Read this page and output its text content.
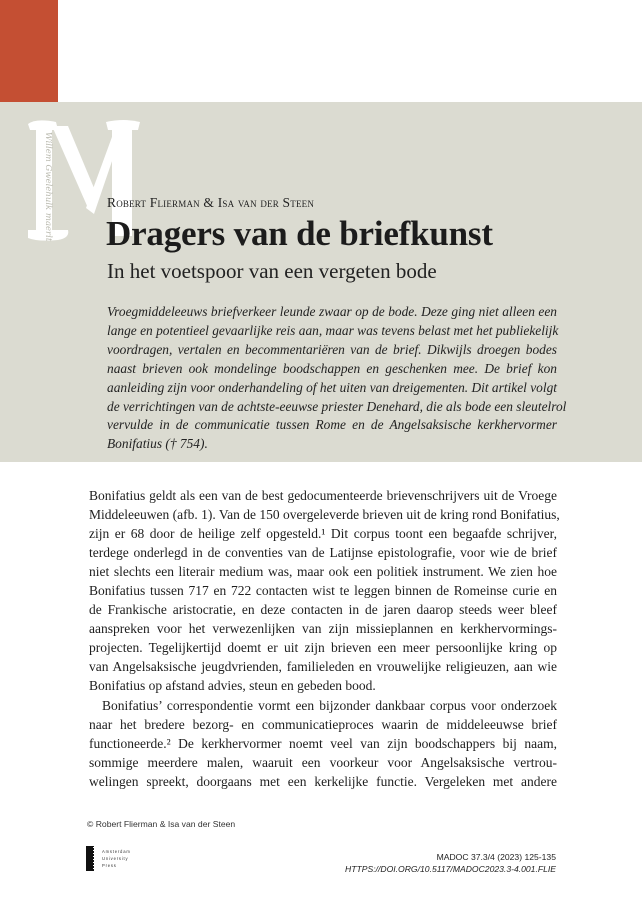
Willem Gwelehulk maerlt	Robert Flierman & Isa van der Steen
Dragers van de briefkunst
In het voetspoor van een vergeten bode
Vroegmiddeleeuws briefverkeer leunde zwaar op de bode. Deze ging niet alleen een
lange en potentieel gevaarlijke reis aan, maar was tevens belast met het publiekelijk
voordragen, vertalen en becommentariëren van de brief. Dikwijls droegen bodes
naast brieven ook mondelinge boodschappen en geschenken mee. De brief kon
aanleiding zijn voor onderhandeling of het uiten van dreigementen. Dit artikel volgt
de verrichtingen van de achtste-eeuwse priester Denehard, die als bode een sleutelrol
vervulde in de communicatie tussen Rome en de Angelsaksische kerkhervormer
Bonifatius († 754).
Bonifatius geldt als een van de best gedocumenteerde brievenschrijvers uit de Vroege
Middeleeuwen (afb. 1). Van de 150 overgeleverde brieven uit de kring rond Bonifatius,
zijn er 68 door de heilige zelf opgesteld.¹ Dit corpus toont een begaafde schrijver,
terdege onderlegd in de conventies van de Latijnse epistolografie, voor wie de brief
niet slechts een literair medium was, maar ook een politiek instrument. We zien hoe
Bonifatius tussen 717 en 722 contacten wist te leggen binnen de Romeinse curie en
de Frankische aristocratie, en deze contacten in de jaren daarop steeds weer bleef
aanspreken voor het verwezenlijken van zijn missieplannen en kerkhervormings-
projecten. Tegelijkertijd doemt er uit zijn brieven een meer persoonlijke kring op
van Angelsaksische jeugdvrienden, familieleden en vrouwelijke religieuzen, aan wie
Bonifatius op afstand advies, steun en gebeden bood.
Bonifatius’ correspondentie vormt een bijzonder dankbaar corpus voor onderzoek
naar het bredere bezorg- en communicatieproces waarin de middeleeuwse brief
functioneerde.² De kerkhervormer noemt veel van zijn boodschappers bij naam,
sommige meerdere malen, waaruit een voorkeur voor Angelsaksische vertrou-
welingen spreekt, doorgaans met een kerkelijke functie. Vergeleken met andere
© Robert Flierman & Isa van der Steen
Amsterdam
University
Press
MADOC 37.3/4 (2023) 125-135
HTTPS://DOI.ORG/10.5117/MADOC2023.3-4.001.FLIE
